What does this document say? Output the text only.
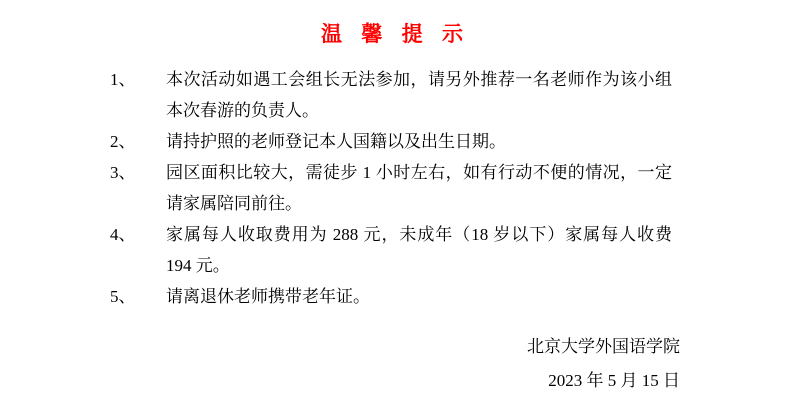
温 馨 提 示
1、	本次活动如遇工会组长无法参加，请另外推荐一名老师作为该小组本次春游的负责人。
2、	请持护照的老师登记本人国籍以及出生日期。
3、	园区面积比较大，需徒步 1 小时左右，如有行动不便的情况，一定请家属陪同前往。
4、	家属每人收取费用为 288 元，未成年（18 岁以下）家属每人收费 194 元。
5、	请离退休老师携带老年证。
北京大学外国语学院
2023 年 5 月 15 日
